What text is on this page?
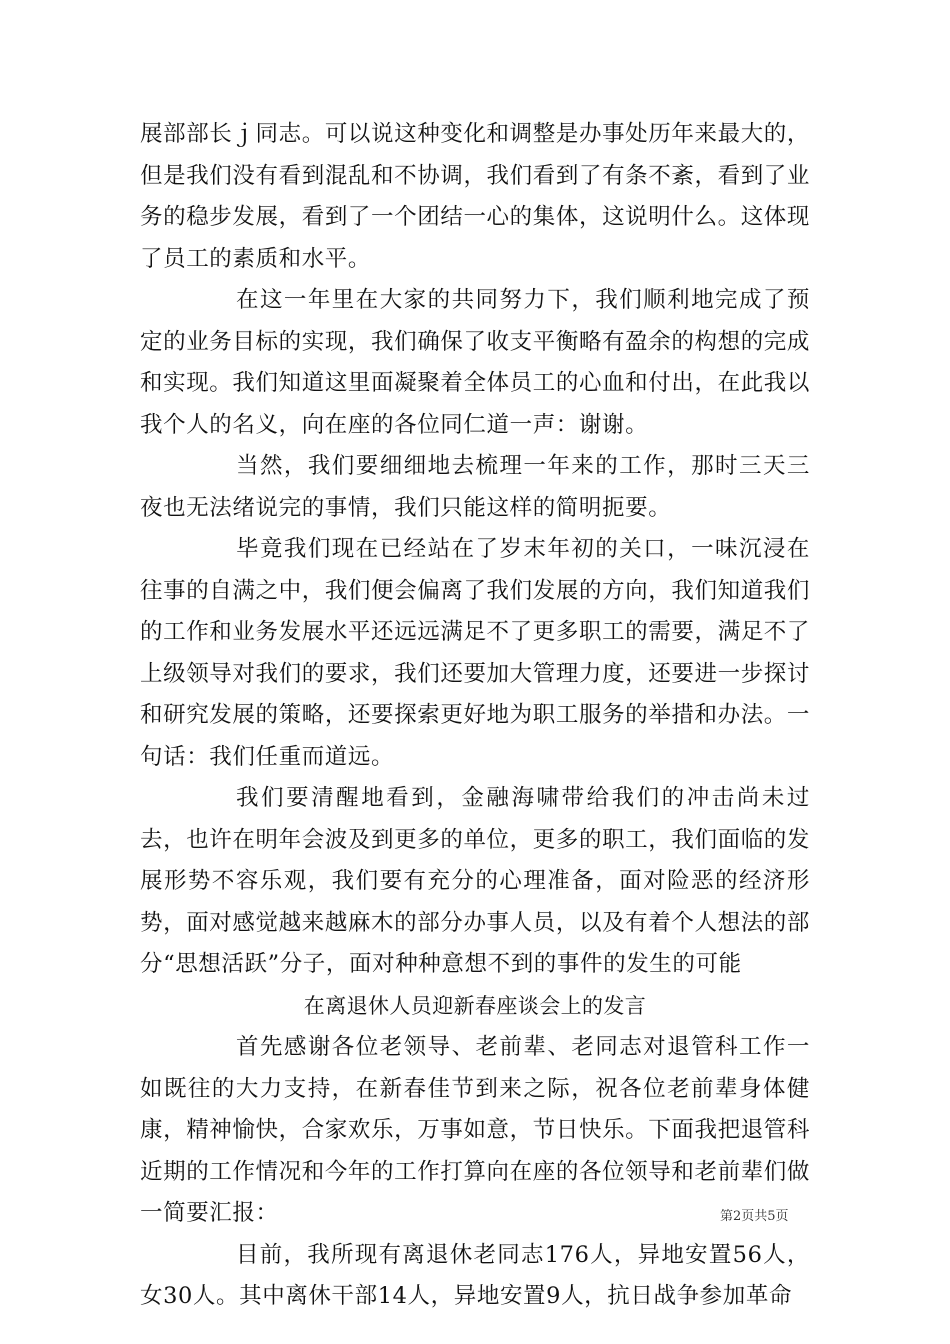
展部部长ｊ同志。可以说这种变化和调整是办事处历年来最大的，但是我们没有看到混乱和不协调，我们看到了有条不紊，看到了业务的稳步发展，看到了一个团结一心的集体，这说明什么。这体现了员工的素质和水平。

在这一年里在大家的共同努力下，我们顺利地完成了预定的业务目标的实现，我们确保了收支平衡略有盈余的构想的完成和实现。我们知道这里面凝聚着全体员工的心血和付出，在此我以我个人的名义，向在座的各位同仁道一声：谢谢。

当然，我们要细细地去梳理一年来的工作，那时三天三夜也无法绪说完的事情，我们只能这样的简明扼要。

毕竟我们现在已经站在了岁末年初的关口，一味沉浸在往事的自满之中，我们便会偏离了我们发展的方向，我们知道我们的工作和业务发展水平还远远满足不了更多职工的需要，满足不了上级领导对我们的要求，我们还要加大管理力度，还要进一步探讨和研究发展的策略，还要探索更好地为职工服务的举措和办法。一句话：我们任重而道远。

我们要清醒地看到，金融海啸带给我们的冲击尚未过去，也许在明年会波及到更多的单位，更多的职工，我们面临的发展形势不容乐观，我们要有充分的心理准备，面对险恶的经济形势，面对感觉越来越麻木的部分办事人员，以及有着个人想法的部分“思想活跃”分子，面对种种意想不到的事件的发生的可能

在离退休人员迎新春座谈会上的发言

首先感谢各位老领导、老前辈、老同志对退管科工作一如既往的大力支持，在新春佳节到来之际，祝各位老前辈身体健康，精神愉快，合家欢乐，万事如意，节日快乐。下面我把退管科近期的工作情况和今年的工作打算向在座的各位领导和老前辈们做一简要汇报：

目前，我所现有离退休老同志176人，异地安置56人，女30人。其中离休干部14人，异地安置9人，抗日战争参加革命

第2页共5页
